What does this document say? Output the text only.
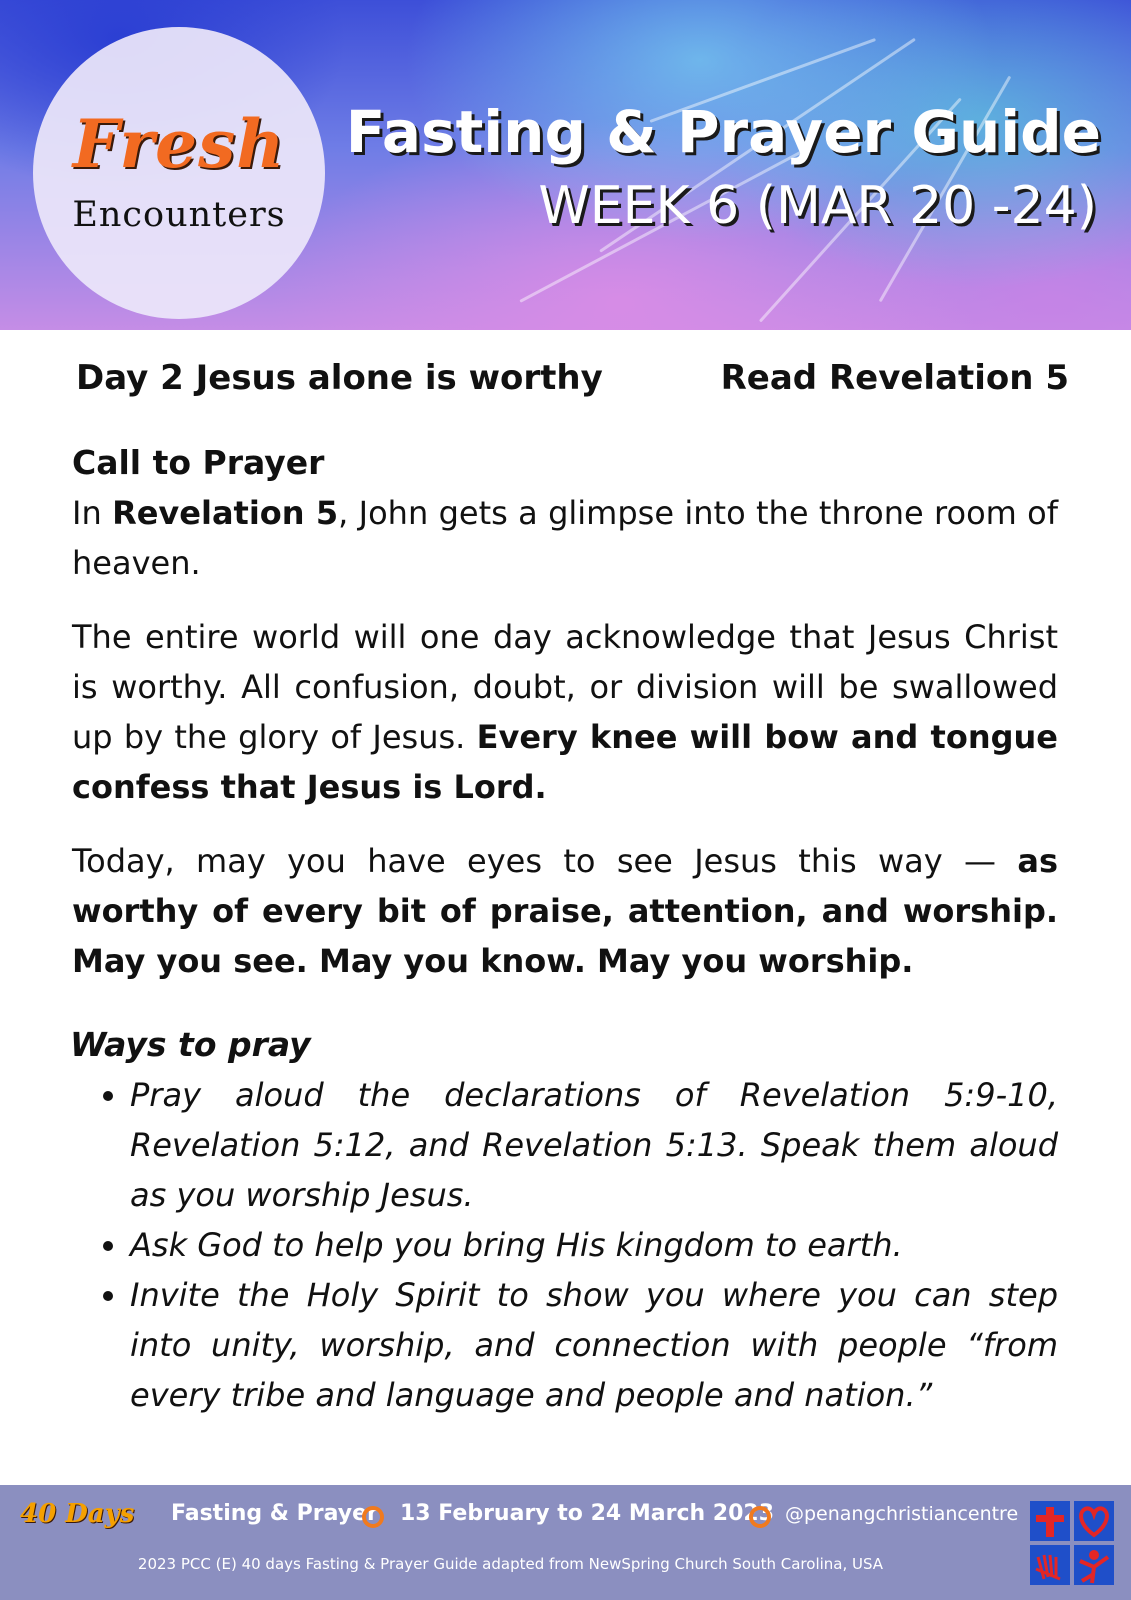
Fresh
Encounters
Fasting & Prayer Guide
WEEK 6 (MAR 20 -24)
Day 2 Jesus alone is worthy	Read Revelation 5
Call to Prayer

In Revelation 5, John gets a glimpse into the throne room of heaven.

The entire world will one day acknowledge that Jesus Christ is worthy. All confusion, doubt, or division will be swallowed up by the glory of Jesus. Every knee will bow and tongue confess that Jesus is Lord.

Today, may you have eyes to see Jesus this way — as worthy of every bit of praise, attention, and worship. May you see. May you know. May you worship.

Ways to pray
• Pray aloud the declarations of Revelation 5:9-10, Revelation 5:12, and Revelation 5:13. Speak them aloud as you worship Jesus.
• Ask God to help you bring His kingdom to earth.
• Invite the Holy Spirit to show you where you can step into unity, worship, and connection with people “from every tribe and language and people and nation.”
40 Days Fasting & Prayer 13 February to 24 March 2023 @penangchristiancentre
2023 PCC (E) 40 days Fasting & Prayer Guide adapted from NewSpring Church South Carolina, USA
